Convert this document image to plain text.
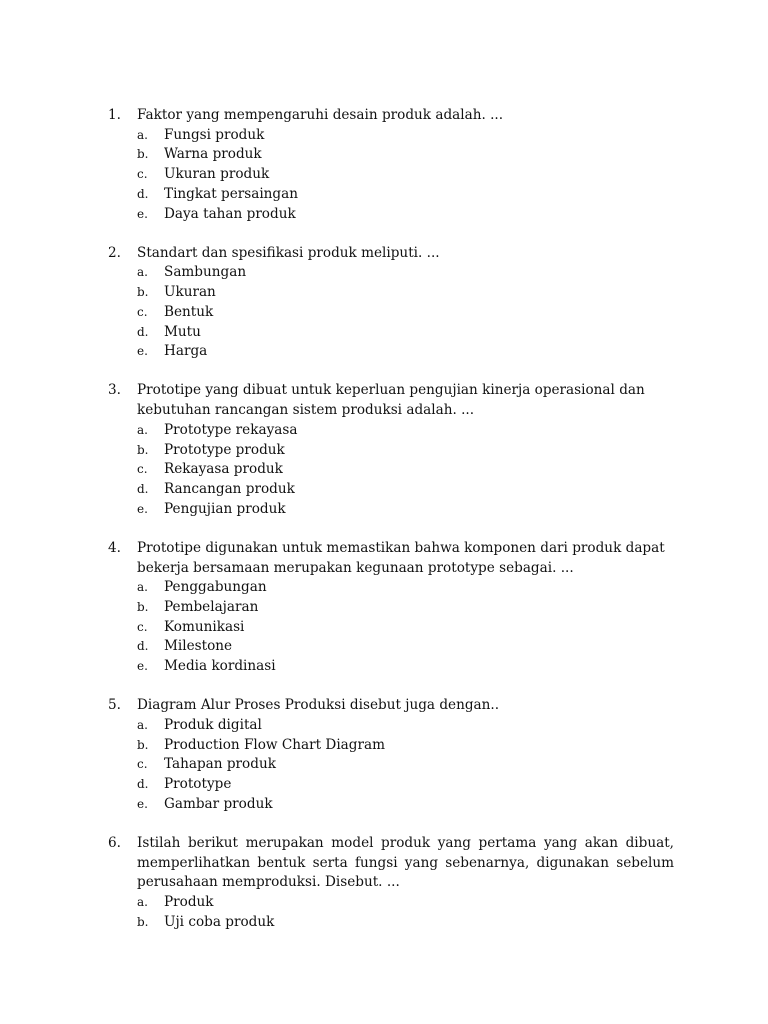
1.	Faktor yang mempengaruhi desain produk adalah. ...
a.	Fungsi produk
b.	Warna produk
c.	Ukuran produk
d.	Tingkat persaingan
e.	Daya tahan produk
2.	Standart dan spesifikasi produk meliputi. ...
a.	Sambungan
b.	Ukuran
c.	Bentuk
d.	Mutu
e.	Harga
3.	Prototipe yang dibuat untuk keperluan pengujian kinerja operasional dan kebutuhan rancangan sistem produksi adalah. ...
a.	Prototype rekayasa
b.	Prototype produk
c.	Rekayasa produk
d.	Rancangan produk
e.	Pengujian produk
4.	Prototipe digunakan untuk memastikan bahwa komponen dari produk dapat bekerja bersamaan merupakan kegunaan prototype sebagai. ...
a.	Penggabungan
b.	Pembelajaran
c.	Komunikasi
d.	Milestone
e.	Media kordinasi
5.	Diagram Alur Proses Produksi disebut juga dengan..
a.	Produk digital
b.	Production Flow Chart Diagram
c.	Tahapan produk
d.	Prototype
e.	Gambar produk
6.	Istilah berikut merupakan model produk yang pertama yang akan dibuat, memperlihatkan bentuk serta fungsi yang sebenarnya, digunakan sebelum perusahaan memproduksi. Disebut. ...
a.	Produk
b.	Uji coba produk
